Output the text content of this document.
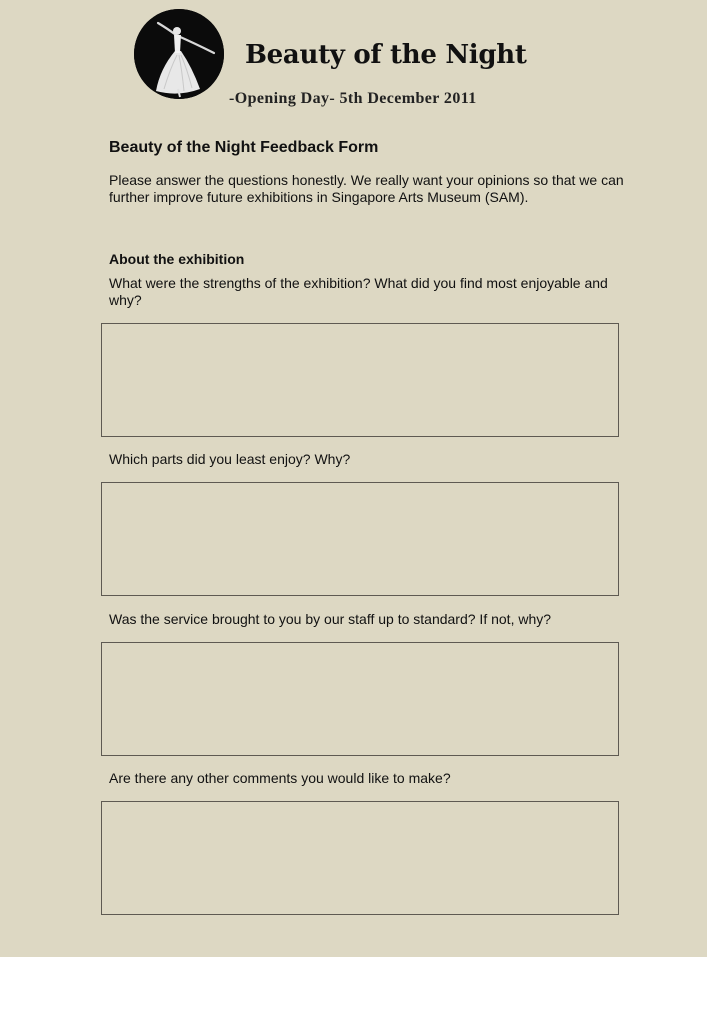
Beauty of the Night
-Opening Day- 5th December 2011
Beauty of the Night Feedback Form
Please answer the questions honestly. We really want your opinions so that we can further improve future exhibitions in Singapore Arts Museum (SAM).
About the exhibition
What were the strengths of the exhibition? What did you find most enjoyable and why?
Which parts did you least enjoy? Why?
Was the service brought to you by our staff up to standard? If not, why?
Are there any other comments you would like to make?
